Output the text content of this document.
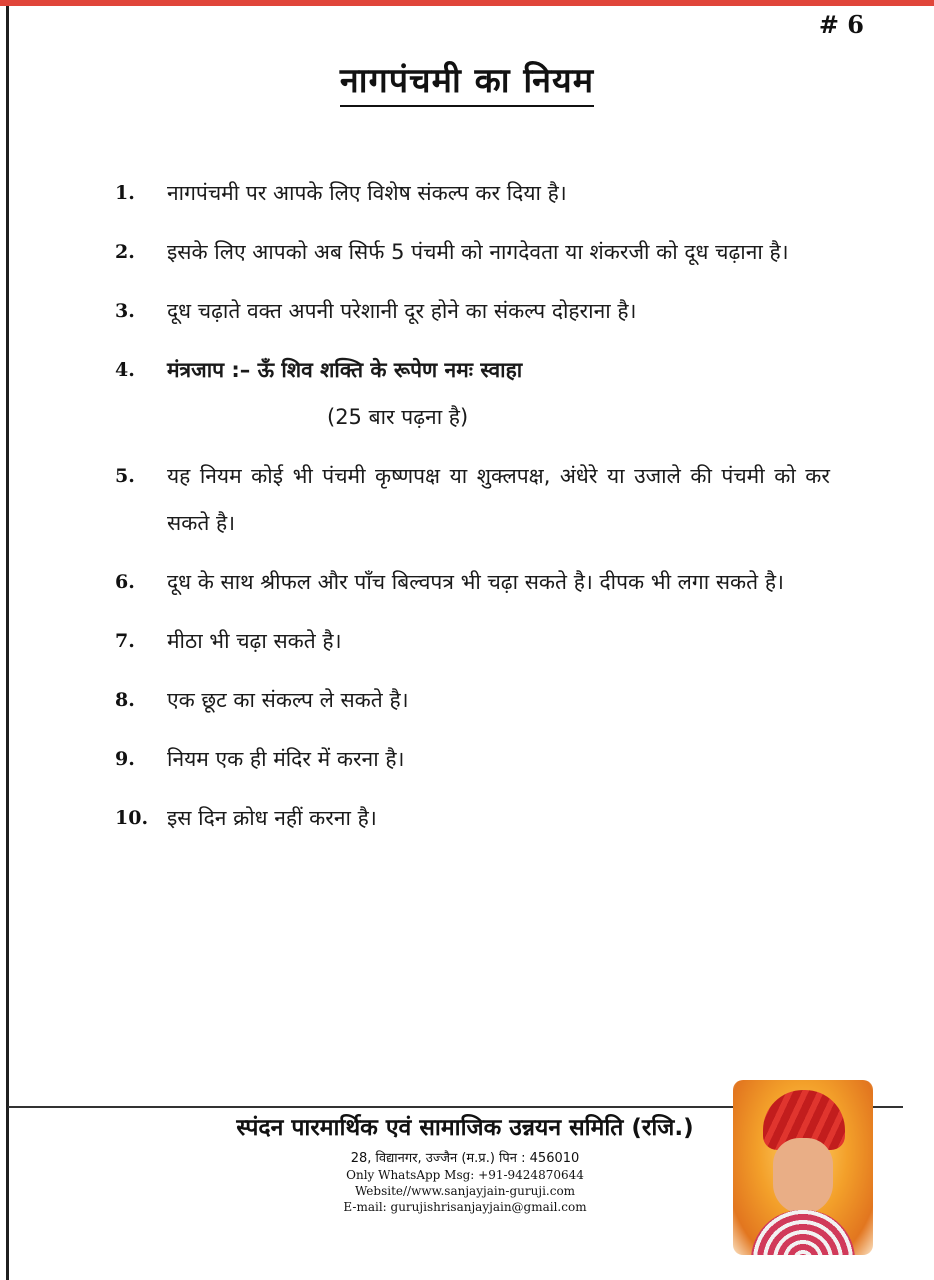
# 6
नागपंचमी का नियम
1.	नागपंचमी पर आपके लिए विशेष संकल्प कर दिया है।
2.	इसके लिए आपको अब सिर्फ 5 पंचमी को नागदेवता या शंकरजी को दूध चढ़ाना है।
3.	दूध चढ़ाते वक्त अपनी परेशानी दूर होने का संकल्प दोहराना है।
4.	मंत्रजाप :– ऊँ शिव शक्ति के रूपेण नमः स्वाहा
(25 बार पढ़ना है)
5.	यह नियम कोई भी पंचमी कृष्णपक्ष या शुक्लपक्ष, अंधेरे या उजाले की पंचमी को कर सकते है।
6.	दूध के साथ श्रीफल और पाँच बिल्वपत्र भी चढ़ा सकते है। दीपक भी लगा सकते है।
7.	मीठा भी चढ़ा सकते है।
8.	एक छूट का संकल्प ले सकते है।
9.	नियम एक ही मंदिर में करना है।
10. इस दिन क्रोध नहीं करना है।
स्पंदन पारमार्थिक एवं सामाजिक उन्नयन समिति (रजि.)
28, विद्यानगर, उज्जैन (म.प्र.) पिन : 456010
Only WhatsApp Msg: +91-9424870644
Website//www.sanjayjain-guruji.com
E-mail: gurujishrisanjayjain@gmail.com
